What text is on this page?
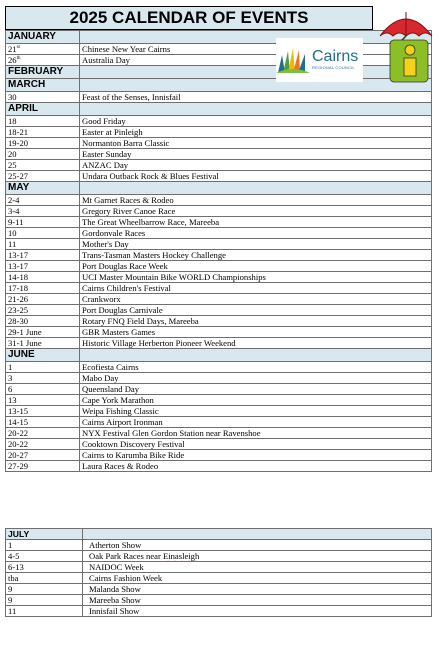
2025 CALENDAR OF EVENTS
JANUARY	
21st	Chinese New Year Cairns
26th	Australia Day
FEBRUARY	
MARCH	
30	Feast of the Senses, Innisfail
APRIL	
18	Good Friday
18-21	Easter at Pinleigh
19-20	Normanton Barra Classic
20	Easter Sunday
25	ANZAC Day
25-27	Undara Outback Rock & Blues Festival
MAY	
2-4	Mt Garnet Races & Rodeo
3-4	Gregory River Canoe Race
9-11	The Great Wheelbarrow Race, Mareeba
10	Gordonvale Races
11	Mother's Day
13-17	Trans-Tasman Masters Hockey Challenge
13-17	Port Douglas Race Week
14-18	UCI Master Mountain Bike WORLD Championships
17-18	Cairns Children's Festival
21-26	Crankworx
23-25	Port Douglas Carnivale
28-30	Rotary FNQ Field Days, Mareeba
29-1 June	GBR Masters Games
31-1 June	Historic Village Herberton Pioneer Weekend
JUNE	
1	Ecofiesta Cairns
3	Mabo Day
6	Queensland Day
13	Cape York Marathon
13-15	Weipa Fishing Classic
14-15	Cairns Airport Ironman
20-22	NYX Festival Glen Gordon Station near Ravenshoe
20-22	Cooktown Discovery Festival
20-27	Cairns to Karumba Bike Ride
27-29	Laura Races & Rodeo
JULY	
1	Atherton Show
4-5	Oak Park Races near Einasleigh
6-13	NAIDOC Week
tba	Cairns Fashion Week
9	Malanda Show
9	Mareeba Show
11	Innisfail Show
Cairns
REGIONAL COUNCIL
